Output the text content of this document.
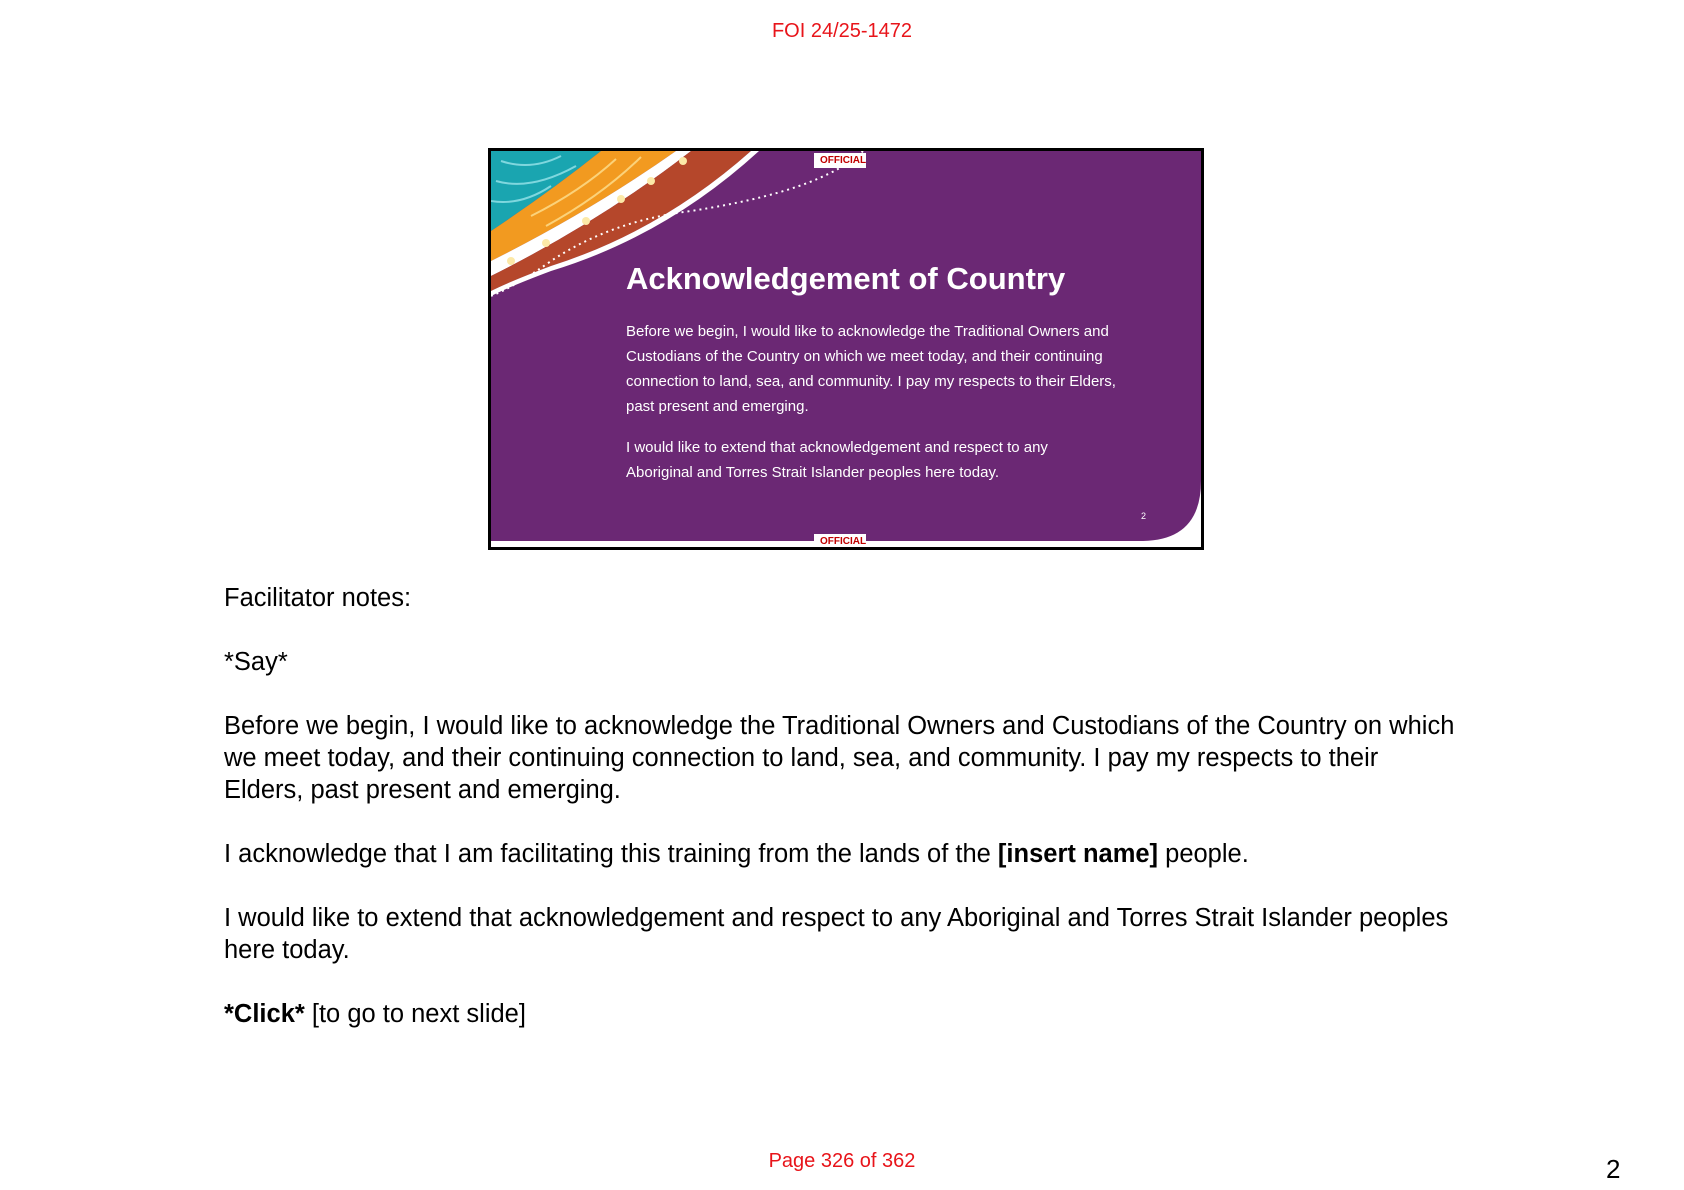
FOI 24/25-1472
OFFICIAL
Acknowledgement of Country
Before we begin, I would like to acknowledge the Traditional Owners and Custodians of the Country on which we meet today, and their continuing connection to land, sea, and community. I pay my respects to their Elders, past present and emerging.
I would like to extend that acknowledgement and respect to any Aboriginal and Torres Strait Islander peoples here today.
2
OFFICIAL
Facilitator notes:
*Say*
Before we begin, I would like to acknowledge the Traditional Owners and Custodians of the Country on which we meet today, and their continuing connection to land, sea, and community. I pay my respects to their Elders, past present and emerging.
I acknowledge that I am facilitating this training from the lands of the [insert name] people.
I would like to extend that acknowledgement and respect to any Aboriginal and Torres Strait Islander peoples here today.
*Click* [to go to next slide]
Page 326 of 362	2
